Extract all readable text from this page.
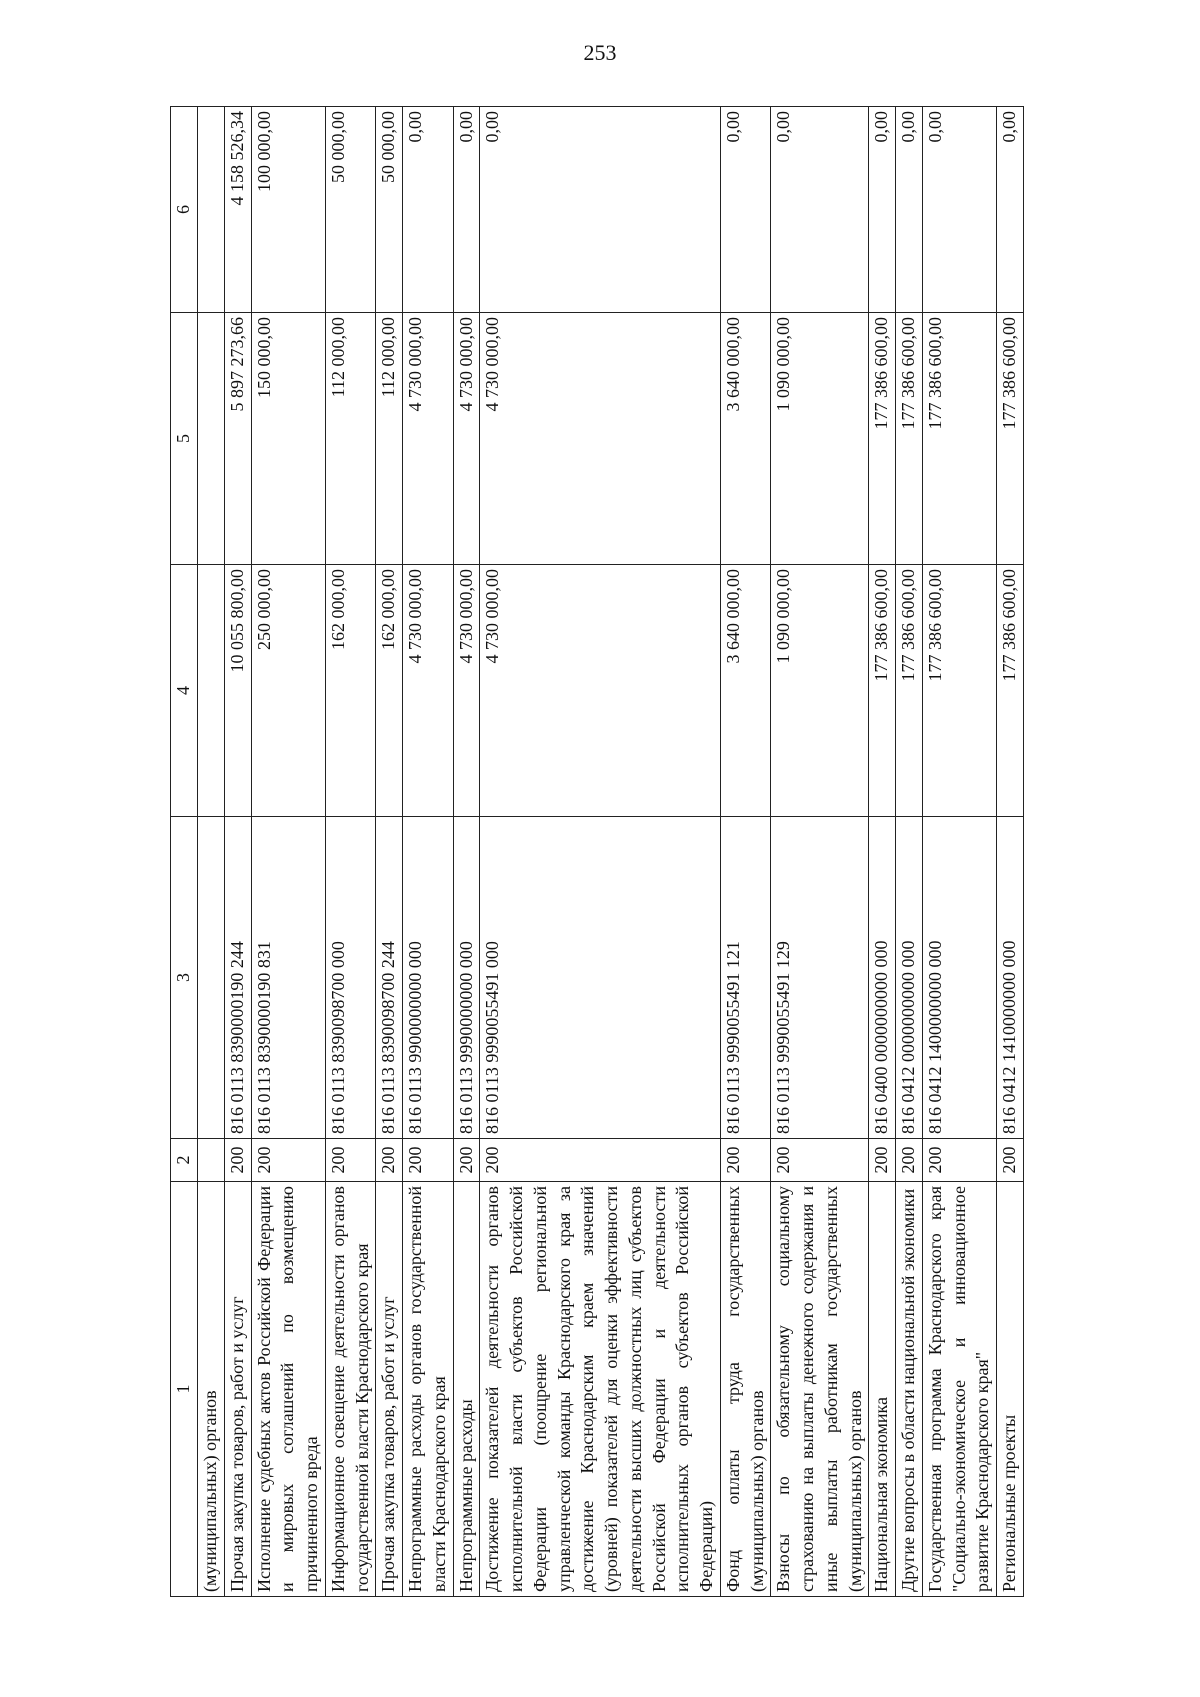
253
1	2	3	4	5	6
(муниципальных) органов					
Прочая закупка товаров, работ и услуг	200	816 0113 8390000190 244	10 055 800,00	5 897 273,66	4 158 526,34
Исполнение судебных актов Российской Федерации и мировых соглашений по возмещению причиненного вреда	200	816 0113 8390000190 831	250 000,00	150 000,00	100 000,00
Информационное освещение деятельности органов государственной власти Краснодарского края	200	816 0113 8390098700 000	162 000,00	112 000,00	50 000,00
Прочая закупка товаров, работ и услуг	200	816 0113 8390098700 244	162 000,00	112 000,00	50 000,00
Непрограммные расходы органов государственной власти Краснодарского края	200	816 0113 9900000000 000	4 730 000,00	4 730 000,00	0,00
Непрограммные расходы	200	816 0113 9990000000 000	4 730 000,00	4 730 000,00	0,00
Достижение показателей деятельности органов исполнительной власти субъектов Российской Федерации (поощрение региональной управленческой команды Краснодарского края за достижение Краснодарским краем значений (уровней) показателей для оценки эффективности деятельности высших должностных лиц субъектов Российской Федерации и деятельности исполнительных органов субъектов Российской Федерации)	200	816 0113 9990055491 000	4 730 000,00	4 730 000,00	0,00
Фонд оплаты труда государственных (муниципальных) органов	200	816 0113 9990055491 121	3 640 000,00	3 640 000,00	0,00
Взносы по обязательному социальному страхованию на выплаты денежного содержания и иные выплаты работникам государственных (муниципальных) органов	200	816 0113 9990055491 129	1 090 000,00	1 090 000,00	0,00
Национальная экономика	200	816 0400 0000000000 000	177 386 600,00	177 386 600,00	0,00
Другие вопросы в области национальной экономики	200	816 0412 0000000000 000	177 386 600,00	177 386 600,00	0,00
Государственная программа Краснодарского края "Социально-экономическое и инновационное развитие Краснодарского края"	200	816 0412 1400000000 000	177 386 600,00	177 386 600,00	0,00
Региональные проекты	200	816 0412 1410000000 000	177 386 600,00	177 386 600,00	0,00
